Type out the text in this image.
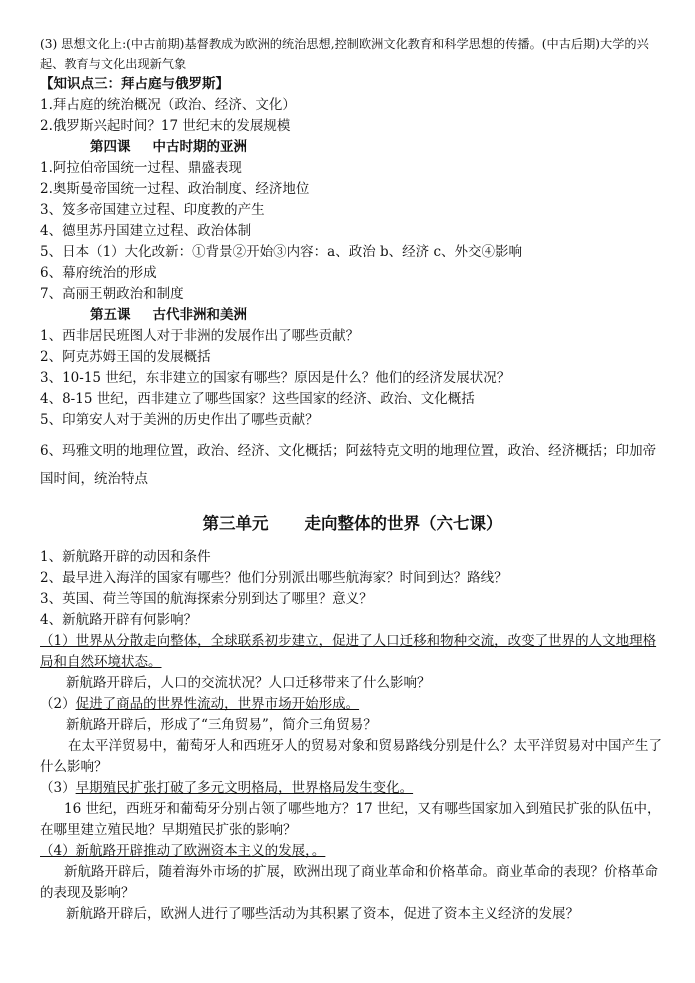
(3) 思想文化上:(中古前期)基督教成为欧洲的统治思想,控制欧洲文化教育和科学思想的传播。(中古后期)大学的兴起、教育与文化出现新气象
【知识点三：拜占庭与俄罗斯】
1.拜占庭的统治概况（政治、经济、文化）
2.俄罗斯兴起时间？17 世纪末的发展规模
第四课 中古时期的亚洲
1.阿拉伯帝国统一过程、鼎盛表现
2.奥斯曼帝国统一过程、政治制度、经济地位
3、笈多帝国建立过程、印度教的产生
4、德里苏丹国建立过程、政治体制
5、日本（1）大化改新：①背景②开始③内容：a、政治 b、经济 c、外交④影响
6、幕府统治的形成
7、高丽王朝政治和制度
第五课 古代非洲和美洲
1、西非居民班图人对于非洲的发展作出了哪些贡献？
2、阿克苏姆王国的发展概括
3、10-15 世纪，东非建立的国家有哪些？原因是什么？他们的经济发展状况？
4、8-15 世纪，西非建立了哪些国家？这些国家的经济、政治、文化概括
5、印第安人对于美洲的历史作出了哪些贡献？
6、玛雅文明的地理位置，政治、经济、文化概括；阿兹特克文明的地理位置，政治、经济概括；印加帝国时间，统治特点
第三单元 走向整体的世界（六七课）
1、新航路开辟的动因和条件
2、最早进入海洋的国家有哪些？他们分别派出哪些航海家？时间到达？路线？
3、英国、荷兰等国的航海探索分别到达了哪里？意义？
4、新航路开辟有何影响？
（1）世界从分散走向整体，全球联系初步建立，促进了人口迁移和物种交流，改变了世界的人文地理格局和自然环境状态。
新航路开辟后，人口的交流状况？人口迁移带来了什么影响？
（2）促进了商品的世界性流动，世界市场开始形成。
新航路开辟后，形成了“三角贸易”，简介三角贸易？
在太平洋贸易中，葡萄牙人和西班牙人的贸易对象和贸易路线分别是什么？太平洋贸易对中国产生了什么影响？
（3）早期殖民扩张打破了多元文明格局，世界格局发生变化。
16 世纪，西班牙和葡萄牙分别占领了哪些地方？17 世纪，又有哪些国家加入到殖民扩张的队伍中，在哪里建立殖民地？早期殖民扩张的影响？
（4）新航路开辟推动了欧洲资本主义的发展，。
新航路开辟后，随着海外市场的扩展，欧洲出现了商业革命和价格革命。商业革命的表现？价格革命的表现及影响？
新航路开辟后，欧洲人进行了哪些活动为其积累了资本，促进了资本主义经济的发展？
